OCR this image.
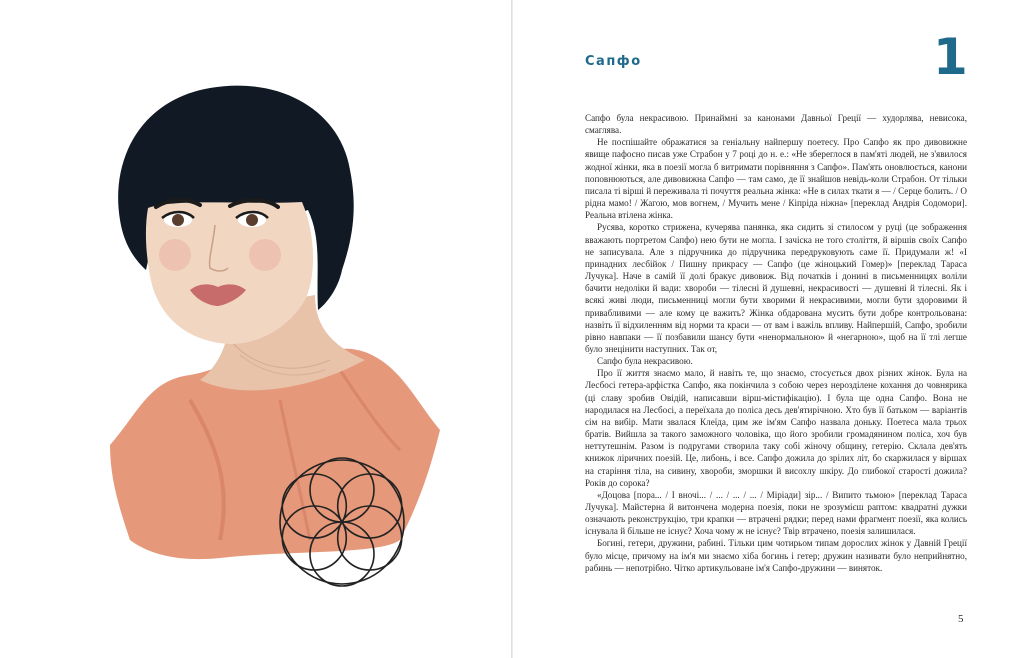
Сапфо	1

Сапфо була некрасивою. Принаймні за канонами Давньої Греції — худорлява, невисока, смаглява.

Не поспішайте ображатися за геніальну найпершу поетесу. Про Сапфо як про дивовижне явище пафосно писав уже Страбон у 7 році до н. е.: «Не збереглося в пам'яті людей, не з'явилося жодної жінки, яка в поезії могла б витримати порівняння з Сапфо». Пам'ять оновлюється, канони поповнюються, але дивовижна Сапфо — там само, де її знайшов невідь-коли Страбон. От тільки писала ті вірші й переживала ті почуття реальна жінка: «Не в силах ткати я — / Серце болить. / О рідна мамо! / Жагою, мов вогнем, / Мучить мене / Кіпріда ніжна» [переклад Андрія Содомори]. Реальна втілена жінка.

Русява, коротко стрижена, кучерява панянка, яка сидить зі стилосом у руці (це зображення вважають портретом Сапфо) нею бути не могла. І зачіска не того століття, й віршів своїх Сапфо не записувала. Але з підручника до підручника передруковують саме її. Придумали ж! «І принадних лесбійок / Пишну прикрасу — Сапфо (це жіноцький Гомер)» [переклад Тараса Лучука]. Наче в самій її долі бракує дивовиж. Від початків і донині в письменницях воліли бачити недоліки й вади: хвороби — тілесні й душевні, некрасивості — душевні й тілесні. Як і всякі живі люди, письменниці могли бути хворими й некрасивими, могли бути здоровими й привабливими — але кому це важить? Жінка обдарована мусить бути добре контрольована: назвіть її відхиленням від норми та краси — от вам і важіль впливу. Найпершій, Сапфо, зробили рівно навпаки — її позбавили шансу бути «ненормальною» й «негарною», щоб на її тлі легше було знецінити наступних. Так от,

Сапфо була некрасивою.

Про її життя знаємо мало, й навіть те, що знаємо, стосується двох різних жінок. Була на Лесбосі гетера-арфістка Сапфо, яка покінчила з собою через нерозділене кохання до човнярика (ці славу зробив Овідій, написавши вірш-містифікацію). І була ще одна Сапфо. Вона не народилася на Лесбосі, а переїхала до поліса десь дев'ятирічною. Хто був її батьком — варіантів сім на вибір. Мати звалася Клеїда, цим же ім'ям Сапфо назвала доньку. Поетеса мала трьох братів. Вийшла за такого заможного чоловіка, що його зробили громадянином поліса, хоч був неттутешнім. Разом із подругами створила таку собі жіночу общину, гетерію. Склала дев'ять книжок ліричних поезій. Це, либонь, і все. Сапфо дожила до зрілих літ, бо скаржилася у віршах на старіння тіла, на сивину, хвороби, зморшки й висохлу шкіру. До глибокої старості дожила? Років до сорока?

«Доцова [пора... / І вночі... / ... / ... / ... / Міріади] зір... / Випито тьмою» [переклад Тараса Лучука]. Майстерна й витончена модерна поезія, поки не зрозумієш раптом: квадратні дужки означають реконструкцію, три крапки — втрачені рядки; перед нами фрагмент поезії, яка колись існувала й більше не існує? Хоча чому ж не існує? Твір втрачено, поезія залишилася.

Богині, гетери, дружини, рабині. Тільки цим чотирьом типам дорослих жінок у Давній Греції було місце, причому на ім'я ми знаємо хіба богинь і гетер; дружин називати було неприйнятно, рабинь — непотрібно. Чітко артикульоване ім'я Сапфо-дружини — виняток.

5
